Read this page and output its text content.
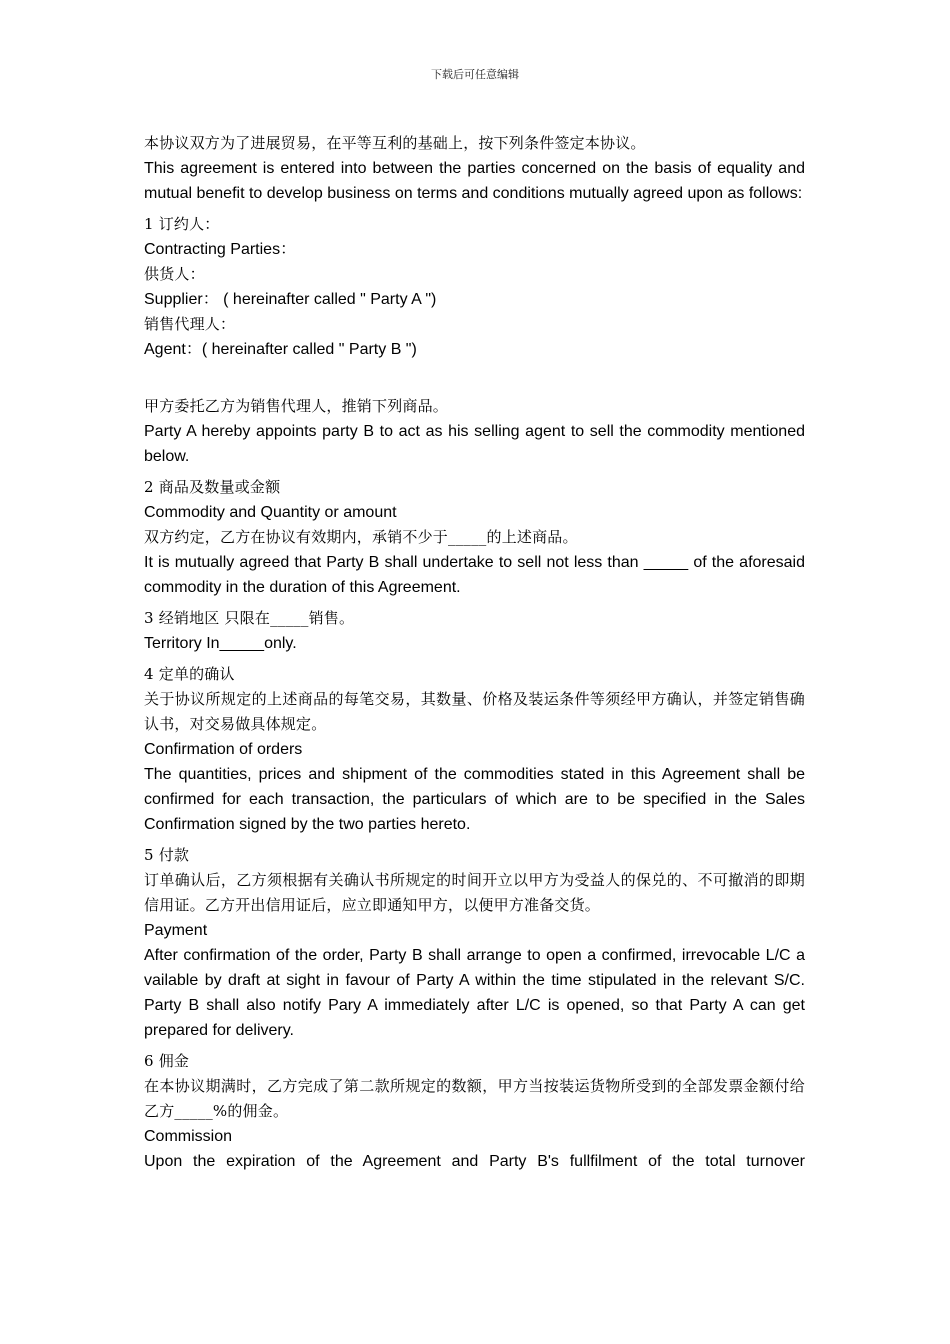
下载后可任意编辑

本协议双方为了进展贸易，在平等互利的基础上，按下列条件签定本协议。

This agreement is entered into between the parties concerned on the basis of equality and mutual benefit to develop business on terms and conditions mutually agreed upon as follows:

1 订约人：

Contracting Parties：

供货人：

Supplier： ( hereinafter called " Party A ")

销售代理人：

Agent：( hereinafter called " Party B ")

甲方委托乙方为销售代理人，推销下列商品。

Party A hereby appoints party B to act as his selling agent to sell the commodity mentioned below.

2 商品及数量或金额

Commodity and Quantity or amount

双方约定，乙方在协议有效期内，承销不少于_____的上述商品。

It is mutually agreed that Party B shall undertake to sell not less than _____ of the aforesaid commodity in the duration of this Agreement.

3 经销地区 只限在_____销售。

Territory In_____only.

4 定单的确认

关于协议所规定的上述商品的每笔交易，其数量、价格及装运条件等须经甲方确认，并签定销售确认书，对交易做具体规定。

Confirmation of orders

The quantities, prices and shipment of the commodities stated in this Agreement shall be confirmed for each transaction, the particulars of which are to be specified in the Sales Confirmation signed by the two parties hereto.

5 付款

订单确认后，乙方须根据有关确认书所规定的时间开立以甲方为受益人的保兑的、不可撤消的即期信用证。乙方开出信用证后，应立即通知甲方，以便甲方准备交货。

Payment

After confirmation of the order, Party B shall arrange to open a confirmed, irrevocable L/C a vailable by draft at sight in favour of Party A within the time stipulated in the relevant S/C. Party B shall also notify Pary A immediately after L/C is opened, so that Party A can get prepared for delivery.

6 佣金

在本协议期满时，乙方完成了第二款所规定的数额，甲方当按装运货物所受到的全部发票金额付给乙方_____%的佣金。

Commission

Upon the expiration of the Agreement and Party B's fullfilment of the total turnover
